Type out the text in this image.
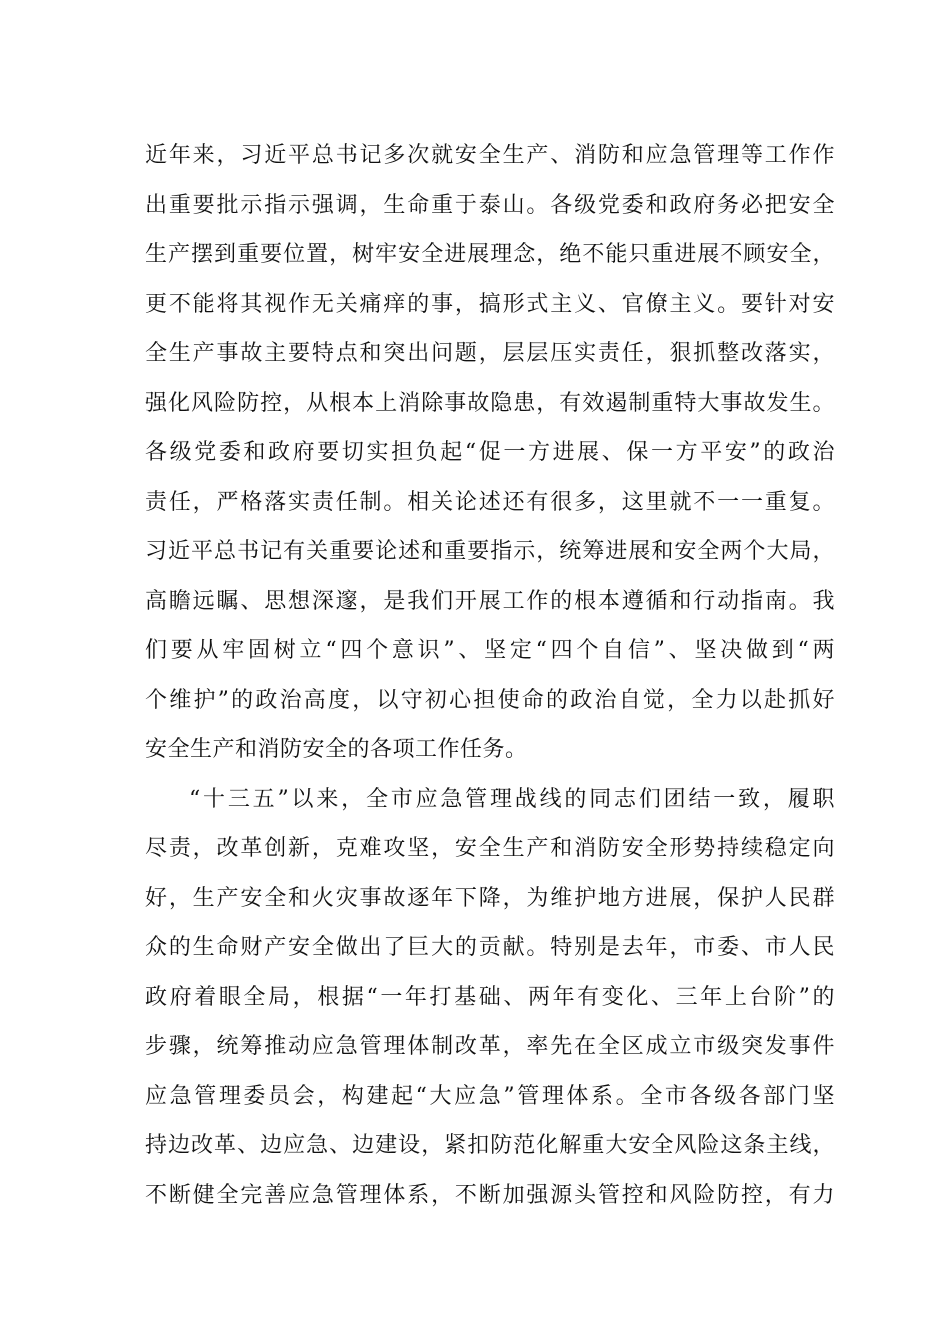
近年来，习近平总书记多次就安全生产、消防和应急管理等工作作
出重要批示指示强调，生命重于泰山。各级党委和政府务必把安全
生产摆到重要位置，树牢安全进展理念，绝不能只重进展不顾安全，
更不能将其视作无关痛痒的事，搞形式主义、官僚主义。要针对安
全生产事故主要特点和突出问题，层层压实责任，狠抓整改落实，
强化风险防控，从根本上消除事故隐患，有效遏制重特大事故发生。
各级党委和政府要切实担负起“促一方进展、保一方平安”的政治
责任，严格落实责任制。相关论述还有很多，这里就不一一重复。
习近平总书记有关重要论述和重要指示，统筹进展和安全两个大局，
高瞻远瞩、思想深邃，是我们开展工作的根本遵循和行动指南。我
们要从牢固树立“四个意识”、坚定“四个自信”、坚决做到“两
个维护”的政治高度，以守初心担使命的政治自觉，全力以赴抓好
安全生产和消防安全的各项工作任务。
“十三五”以来，全市应急管理战线的同志们团结一致，履职
尽责，改革创新，克难攻坚，安全生产和消防安全形势持续稳定向
好，生产安全和火灾事故逐年下降，为维护地方进展，保护人民群
众的生命财产安全做出了巨大的贡献。特别是去年，市委、市人民
政府着眼全局，根据“一年打基础、两年有变化、三年上台阶”的
步骤，统筹推动应急管理体制改革，率先在全区成立市级突发事件
应急管理委员会，构建起“大应急”管理体系。全市各级各部门坚
持边改革、边应急、边建设，紧扣防范化解重大安全风险这条主线，
不断健全完善应急管理体系，不断加强源头管控和风险防控，有力
